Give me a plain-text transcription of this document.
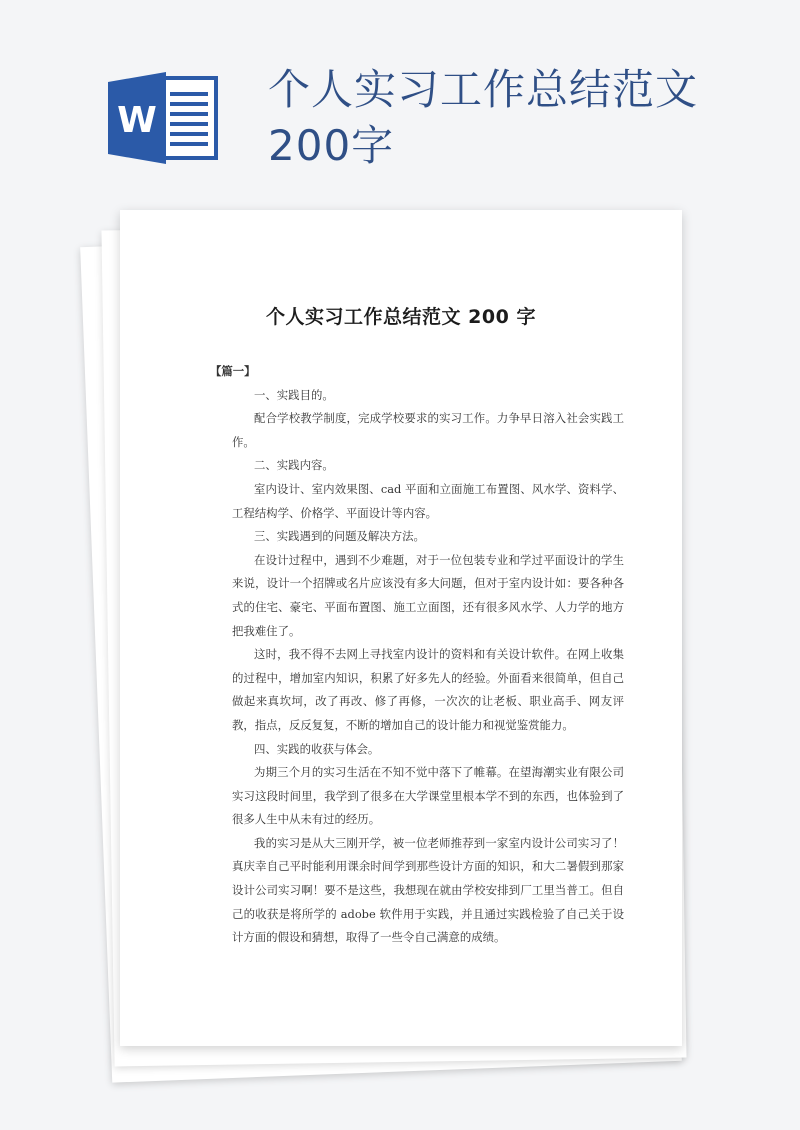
W
个人实习工作总结范文
200字
个人实习工作总结范文 200 字

【篇一】

一、实践目的。

配合学校教学制度，完成学校要求的实习工作。力争早日溶入社会实践工作。

二、实践内容。

室内设计、室内效果图、cad 平面和立面施工布置图、风水学、资料学、工程结构学、价格学、平面设计等内容。

三、实践遇到的问题及解决方法。

在设计过程中，遇到不少难题，对于一位包装专业和学过平面设计的学生来说，设计一个招牌或名片应该没有多大问题，但对于室内设计如：要各种各式的住宅、豪宅、平面布置图、施工立面图，还有很多风水学、人力学的地方把我难住了。

这时，我不得不去网上寻找室内设计的资料和有关设计软件。在网上收集的过程中，增加室内知识，积累了好多先人的经验。外面看来很简单，但自己做起来真坎坷，改了再改、修了再修，一次次的让老板、职业高手、网友评教，指点，反反复复，不断的增加自己的设计能力和视觉鉴赏能力。

四、实践的收获与体会。

为期三个月的实习生活在不知不觉中落下了帷幕。在望海潮实业有限公司实习这段时间里，我学到了很多在大学课堂里根本学不到的东西，也体验到了很多人生中从未有过的经历。

我的实习是从大三刚开学，被一位老师推荐到一家室内设计公司实习了！真庆幸自己平时能利用课余时间学到那些设计方面的知识，和大二暑假到那家设计公司实习啊！要不是这些，我想现在就由学校安排到厂工里当普工。但自己的收获是将所学的 adobe 软件用于实践，并且通过实践检验了自己关于设计方面的假设和猜想，取得了一些令自己满意的成绩。
